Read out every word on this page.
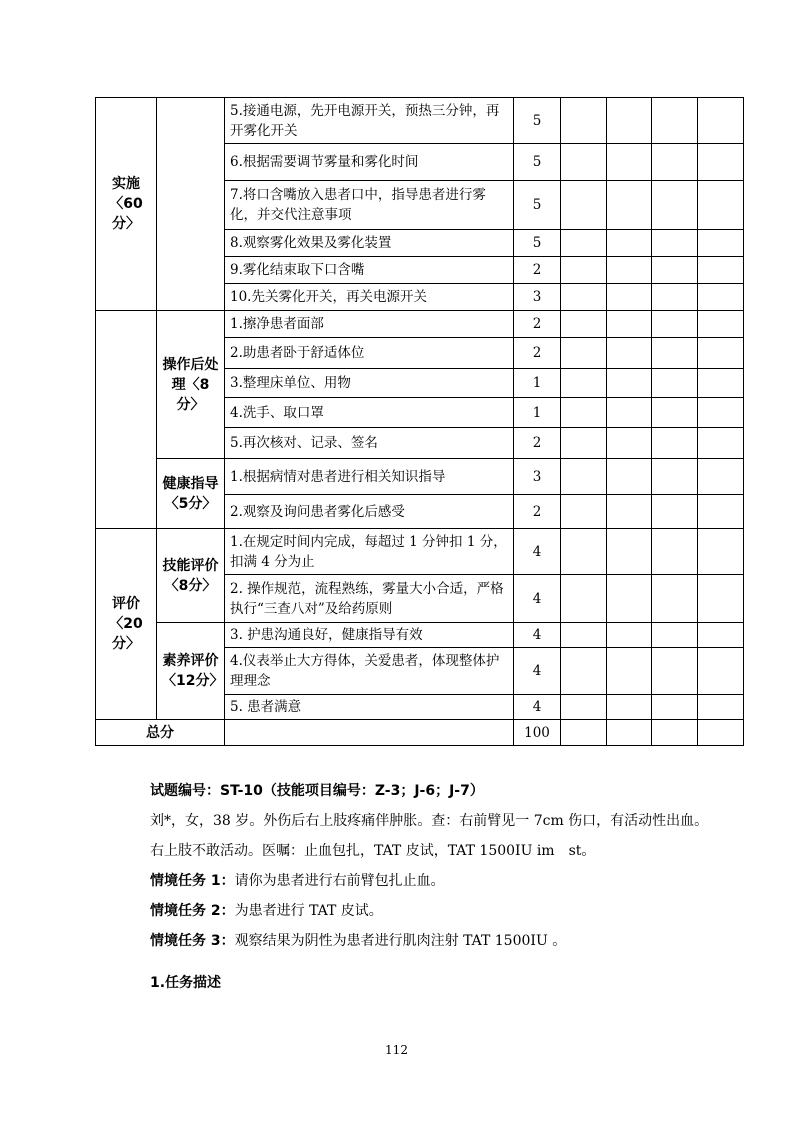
实施〈60分〉		5.接通电源，先开电源开关，预热三分钟，再开雾化开关	5				
		6.根据需要调节雾量和雾化时间	5				
		7.将口含嘴放入患者口中，指导患者进行雾化，并交代注意事项	5				
		8.观察雾化效果及雾化装置	5				
		9.雾化结束取下口含嘴	2				
		10.先关雾化开关，再关电源开关	3				
	操作后处理〈8 分〉	1.擦净患者面部	2				
		2.助患者卧于舒适体位	2				
		3.整理床单位、用物	1				
		4.洗手、取口罩	1				
		5.再次核对、记录、签名	2				
	健康指导〈5分〉	1.根据病情对患者进行相关知识指导	3				
		2.观察及询问患者雾化后感受	2				
评价〈20分〉	技能评价〈8分〉	1.在规定时间内完成，每超过 1 分钟扣 1 分，扣满 4 分为止	4				
		2. 操作规范，流程熟练，雾量大小合适，严格执行“三查八对”及给药原则	4				
	素养评价〈12分〉	3. 护患沟通良好，健康指导有效	4				
		4.仪表举止大方得体，关爱患者，体现整体护理理念	4				
		5. 患者满意	4				
总分			100				

试题编号：ST-10（技能项目编号：Z-3；J-6；J-7）

刘*，女，38 岁。外伤后右上肢疼痛伴肿胀。查：右前臂见一 7cm 伤口，有活动性出血。右上肢不敢活动。医嘱：止血包扎，TAT 皮试，TAT 1500IU im　st。

情境任务 1：请你为患者进行右前臂包扎止血。

情境任务 2：为患者进行 TAT 皮试。

情境任务 3：观察结果为阴性为患者进行肌肉注射 TAT 1500IU 。

1.任务描述

112
